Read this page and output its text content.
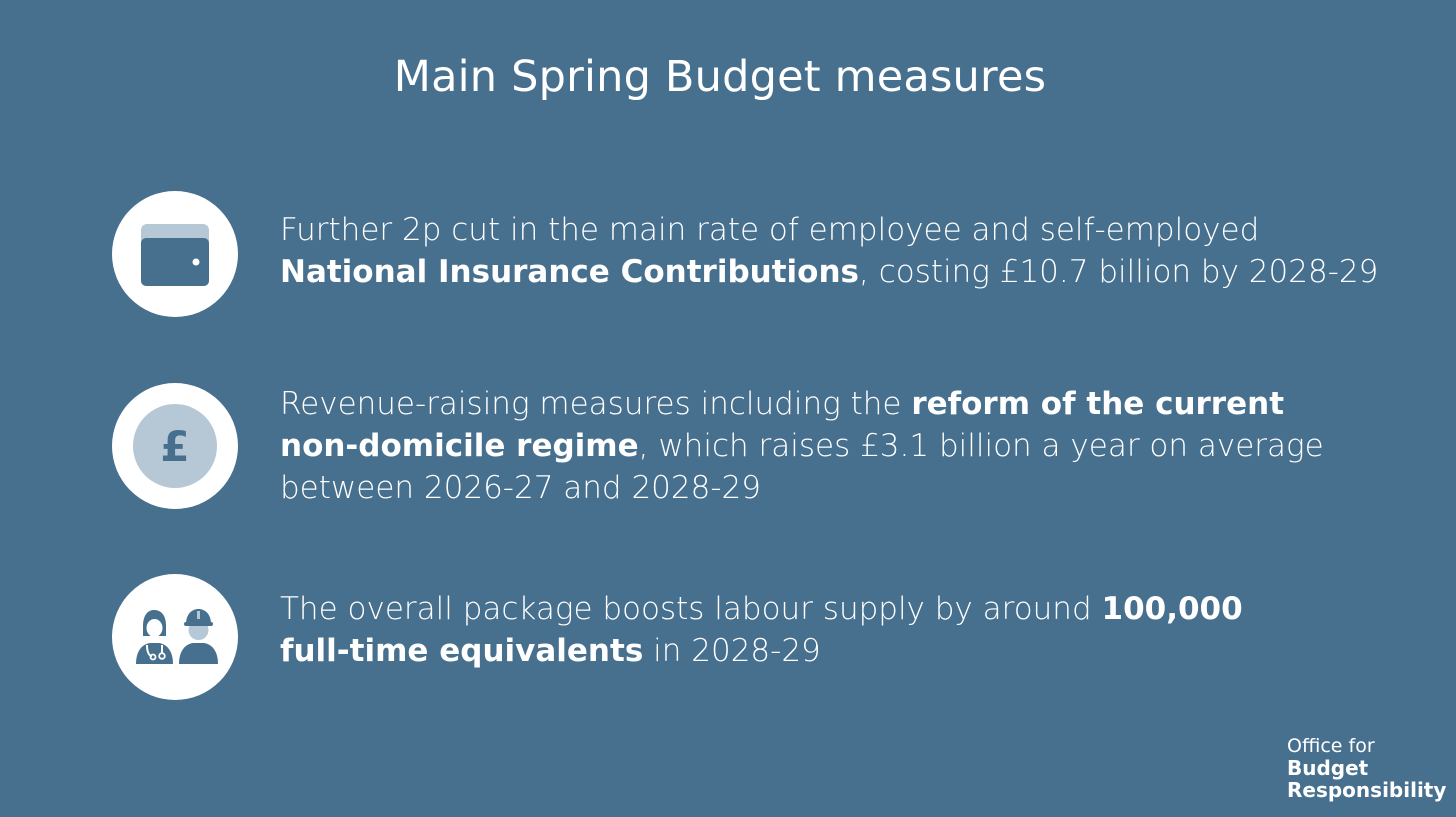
Main Spring Budget measures
Further 2p cut in the main rate of employee and self-employed
National Insurance Contributions, costing £10.7 billion by 2028-29
£
Revenue-raising measures including the reform of the current
non-domicile regime, which raises £3.1 billion a year on average
between 2026-27 and 2028-29
The overall package boosts labour supply by around 100,000
full-time equivalents in 2028-29
Office for
Budget
Responsibility
